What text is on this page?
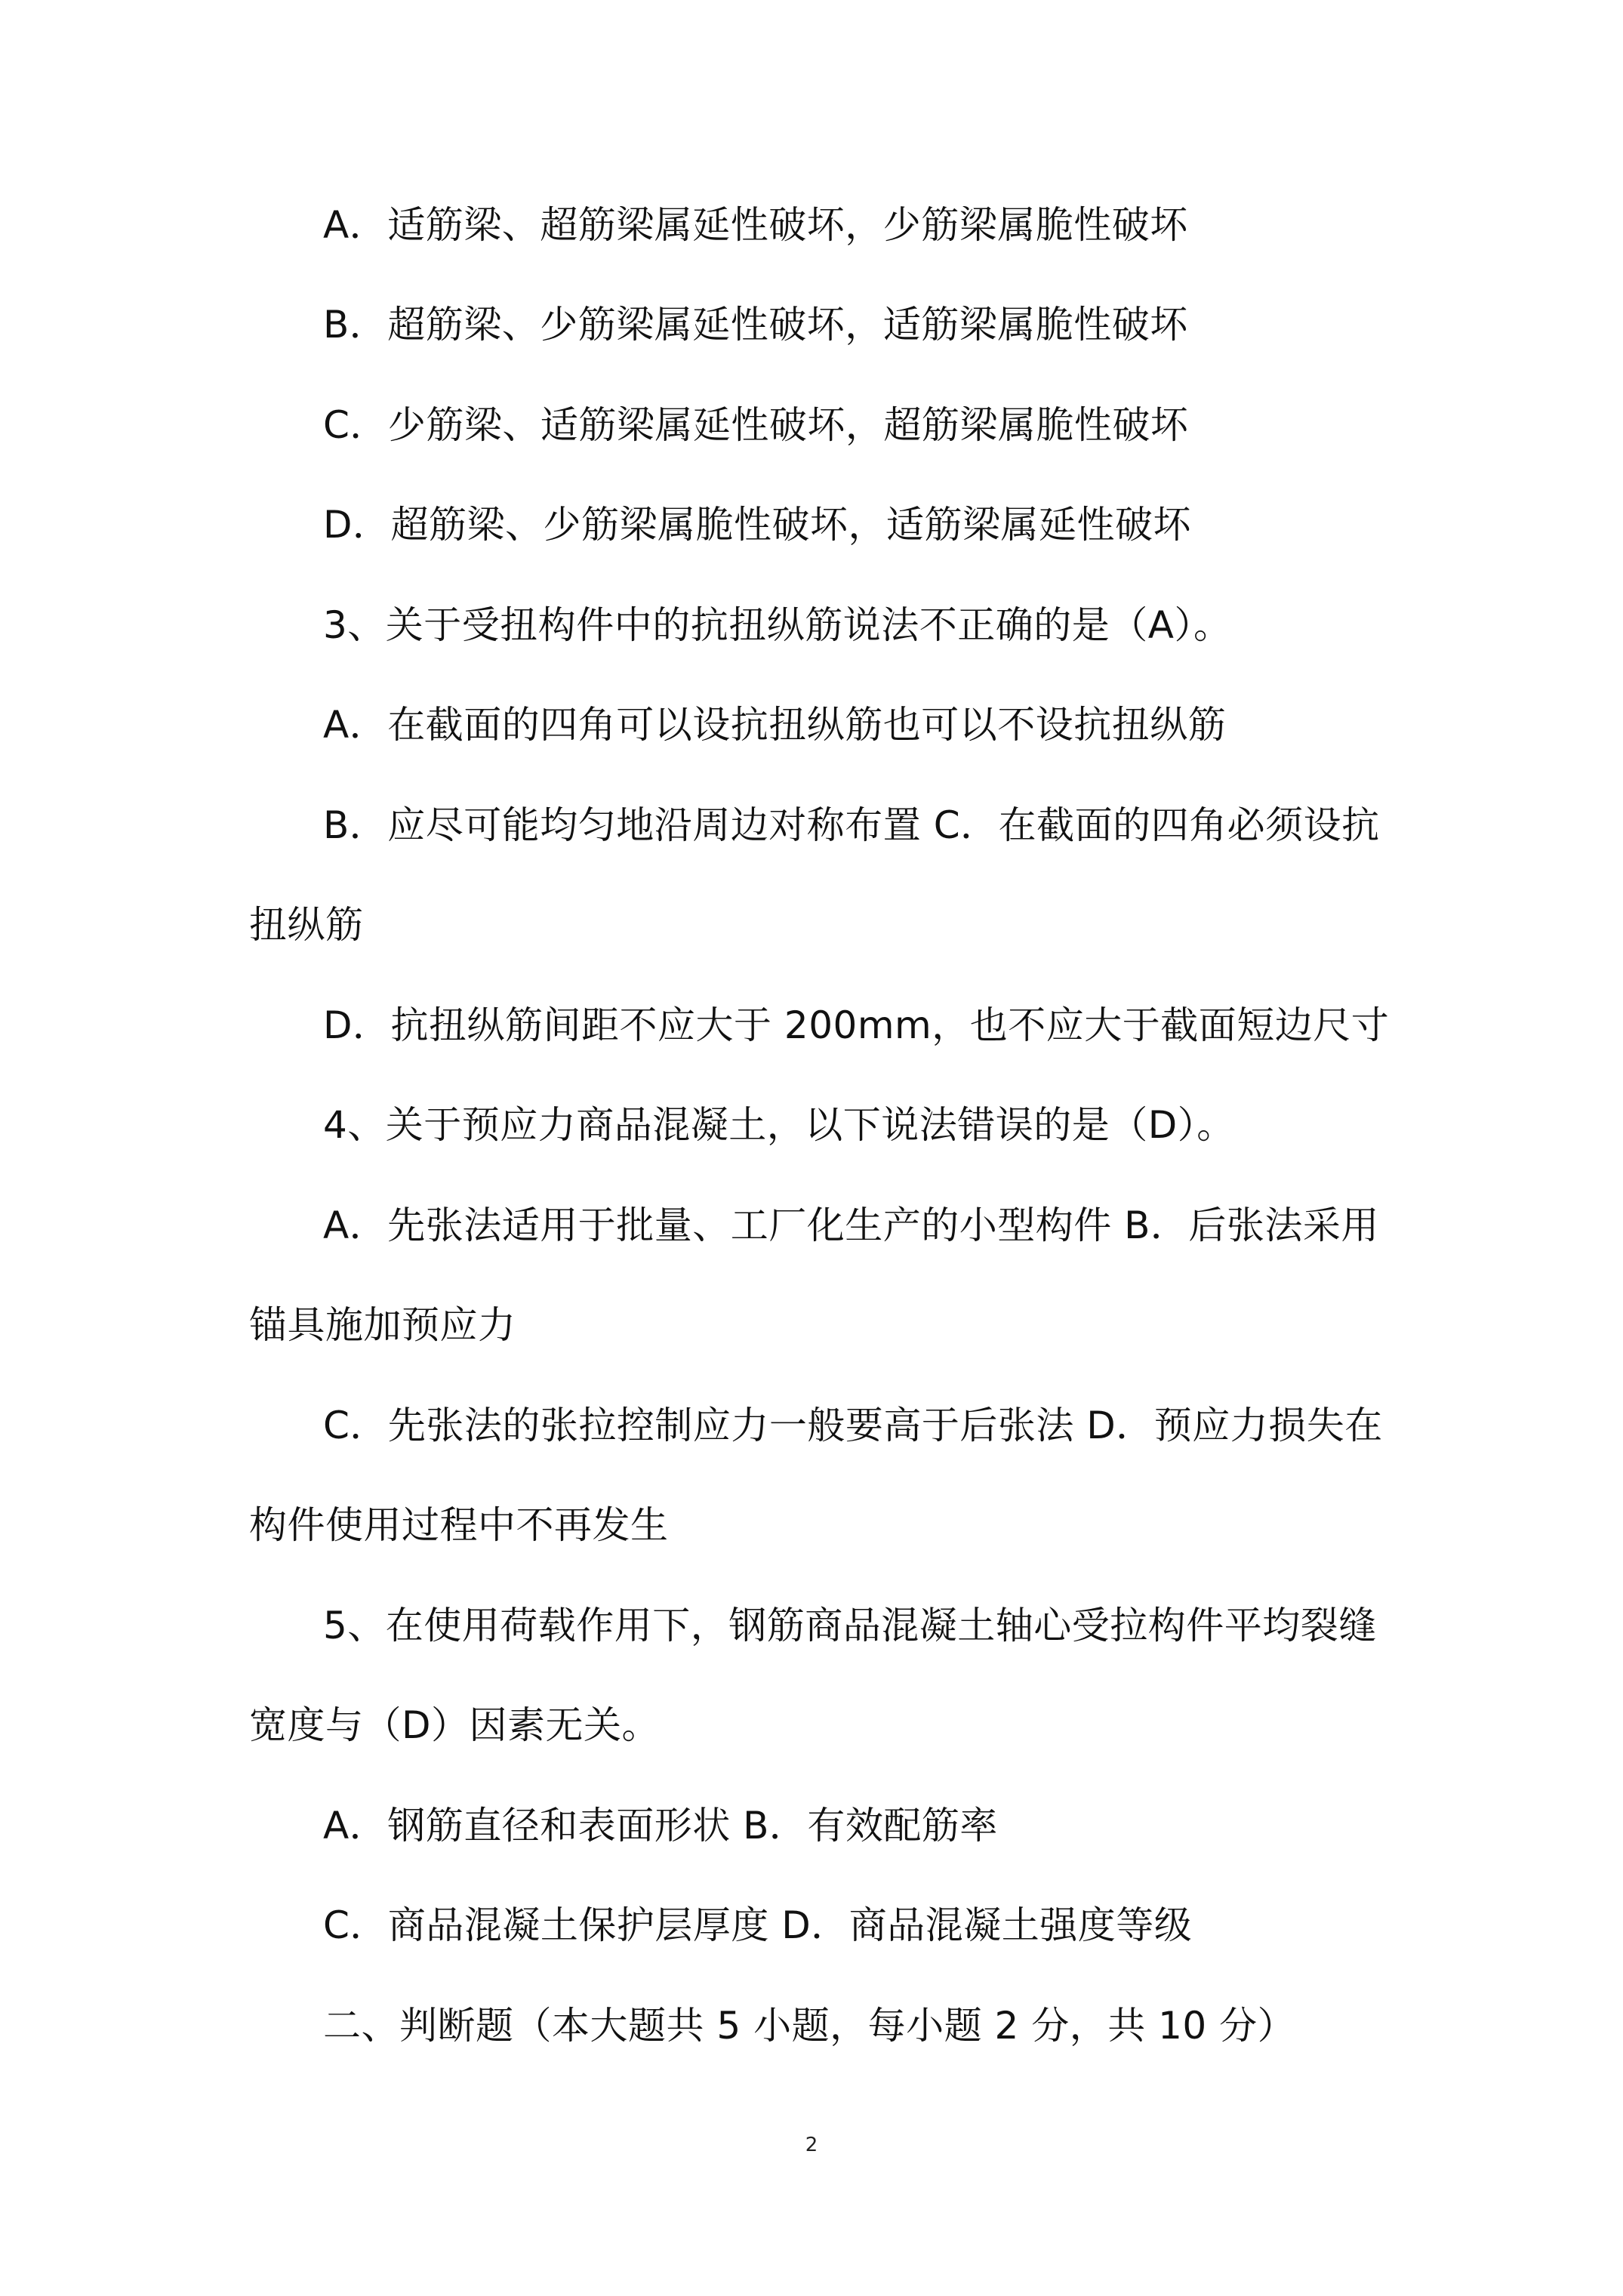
A．适筋梁、超筋梁属延性破坏，少筋梁属脆性破坏
B．超筋梁、少筋梁属延性破坏，适筋梁属脆性破坏
C．少筋梁、适筋梁属延性破坏，超筋梁属脆性破坏
D．超筋梁、少筋梁属脆性破坏，适筋梁属延性破坏
3、关于受扭构件中的抗扭纵筋说法不正确的是（A）。
A．在截面的四角可以设抗扭纵筋也可以不设抗扭纵筋
B．应尽可能均匀地沿周边对称布置 C．在截面的四角必须设抗
扭纵筋
D．抗扭纵筋间距不应大于 200mm，也不应大于截面短边尺寸
4、关于预应力商品混凝土，以下说法错误的是（D）。
A．先张法适用于批量、工厂化生产的小型构件 B．后张法采用
锚具施加预应力
C．先张法的张拉控制应力一般要高于后张法 D．预应力损失在
构件使用过程中不再发生
5、在使用荷载作用下，钢筋商品混凝土轴心受拉构件平均裂缝
宽度与（D）因素无关。
A．钢筋直径和表面形状 B．有效配筋率
C．商品混凝土保护层厚度 D．商品混凝土强度等级
二、判断题（本大题共 5 小题，每小题 2 分，共 10 分）
2
